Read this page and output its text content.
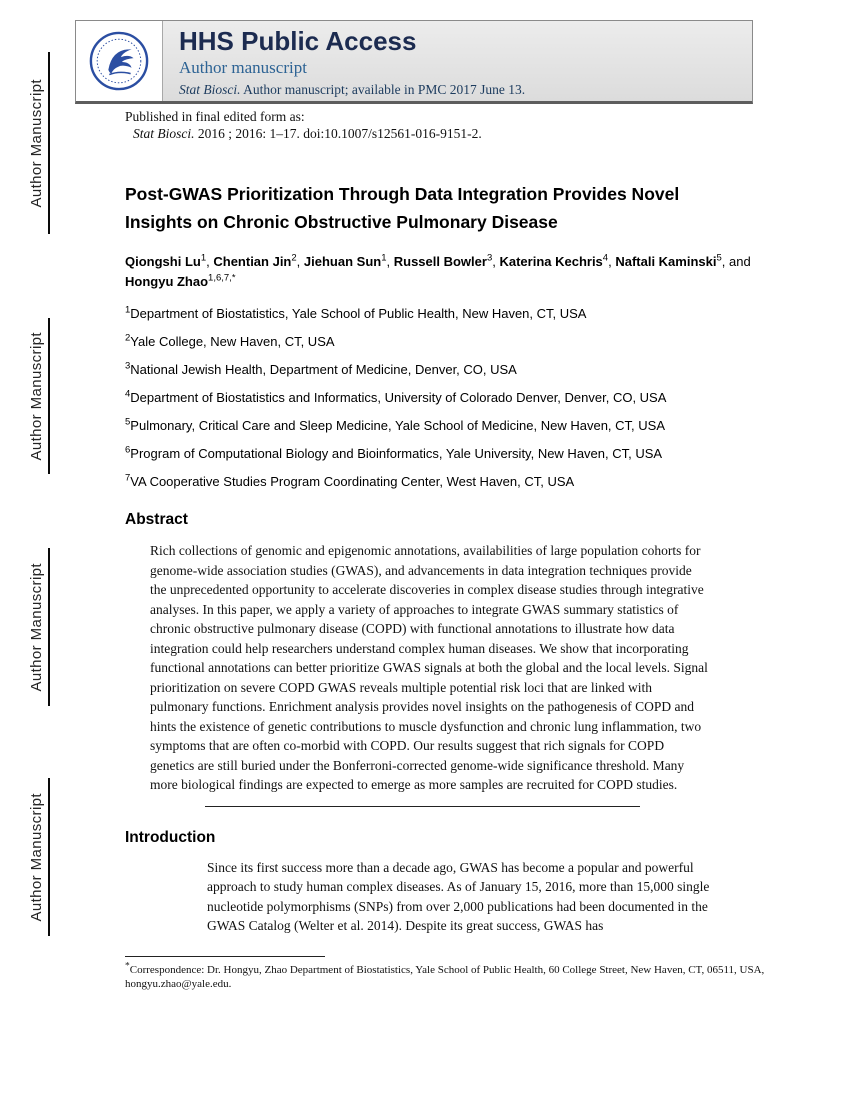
Author Manuscript
Author Manuscript
Author Manuscript
Author Manuscript
HHS Public Access
Author manuscript
Stat Biosci. Author manuscript; available in PMC 2017 June 13.
Published in final edited form as:
Stat Biosci. 2016 ; 2016: 1–17. doi:10.1007/s12561-016-9151-2.
Post-GWAS Prioritization Through Data Integration Provides Novel Insights on Chronic Obstructive Pulmonary Disease
Qiongshi Lu$^1$, Chentian Jin$^2$, Jiehuan Sun$^1$, Russell Bowler$^3$, Katerina Kechris$^4$, Naftali Kaminski$^5$, and Hongyu Zhao$^{1,6,7,*}$
$^1$Department of Biostatistics, Yale School of Public Health, New Haven, CT, USA
$^2$Yale College, New Haven, CT, USA
$^3$National Jewish Health, Department of Medicine, Denver, CO, USA
$^4$Department of Biostatistics and Informatics, University of Colorado Denver, Denver, CO, USA
$^5$Pulmonary, Critical Care and Sleep Medicine, Yale School of Medicine, New Haven, CT, USA
$^6$Program of Computational Biology and Bioinformatics, Yale University, New Haven, CT, USA
$^7$VA Cooperative Studies Program Coordinating Center, West Haven, CT, USA
Abstract

Rich collections of genomic and epigenomic annotations, availabilities of large population cohorts for genome-wide association studies (GWAS), and advancements in data integration techniques provide the unprecedented opportunity to accelerate discoveries in complex disease studies through integrative analyses. In this paper, we apply a variety of approaches to integrate GWAS summary statistics of chronic obstructive pulmonary disease (COPD) with functional annotations to illustrate how data integration could help researchers understand complex human diseases. We show that incorporating functional annotations can better prioritize GWAS signals at both the global and the local levels. Signal prioritization on severe COPD GWAS reveals multiple potential risk loci that are linked with pulmonary functions. Enrichment analysis provides novel insights on the pathogenesis of COPD and hints the existence of genetic contributions to muscle dysfunction and chronic lung inflammation, two symptoms that are often co-morbid with COPD. Our results suggest that rich signals for COPD genetics are still buried under the Bonferroni-corrected genome-wide significance threshold. Many more biological findings are expected to emerge as more samples are recruited for COPD studies.

Introduction

Since its first success more than a decade ago, GWAS has become a popular and powerful approach to study human complex diseases. As of January 15, 2016, more than 15,000 single nucleotide polymorphisms (SNPs) from over 2,000 publications had been documented in the GWAS Catalog (Welter et al. 2014). Despite its great success, GWAS has

*Correspondence: Dr. Hongyu, Zhao Department of Biostatistics, Yale School of Public Health, 60 College Street, New Haven, CT, 06511, USA, hongyu.zhao@yale.edu.
